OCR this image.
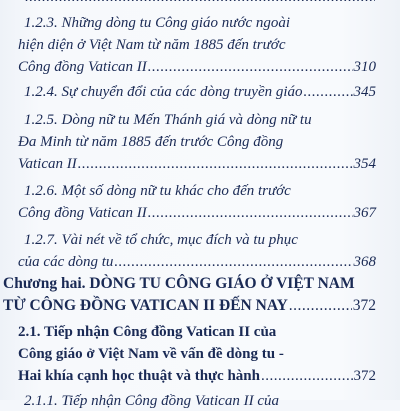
.....
1.2.3. Những dòng tu Công giáo nước ngoài
hiện diện ở Việt Nam từ năm 1885 đến trước
Công đồng Vatican II .....	310
1.2.4. Sự chuyển đổi của các dòng truyền giáo .....	345
1.2.5. Dòng nữ tu Mến Thánh giá và dòng nữ tu
Đa Minh từ năm 1885 đến trước Công đồng
Vatican II .....	354
1.2.6. Một số dòng nữ tu khác cho đến trước
Công đồng Vatican II .....	367
1.2.7. Vài nét về tổ chức, mục đích và tu phục
của các dòng tu .....	368
Chương hai. DÒNG TU CÔNG GIÁO Ở VIỆT NAM
TỪ CÔNG ĐỒNG VATICAN II ĐẾN NAY .....	372
2.1. Tiếp nhận Công đồng Vatican II của
Công giáo ở Việt Nam về vấn đề dòng tu -
Hai khía cạnh học thuật và thực hành .....	372
2.1.1. Tiếp nhận Công đồng Vatican II của
